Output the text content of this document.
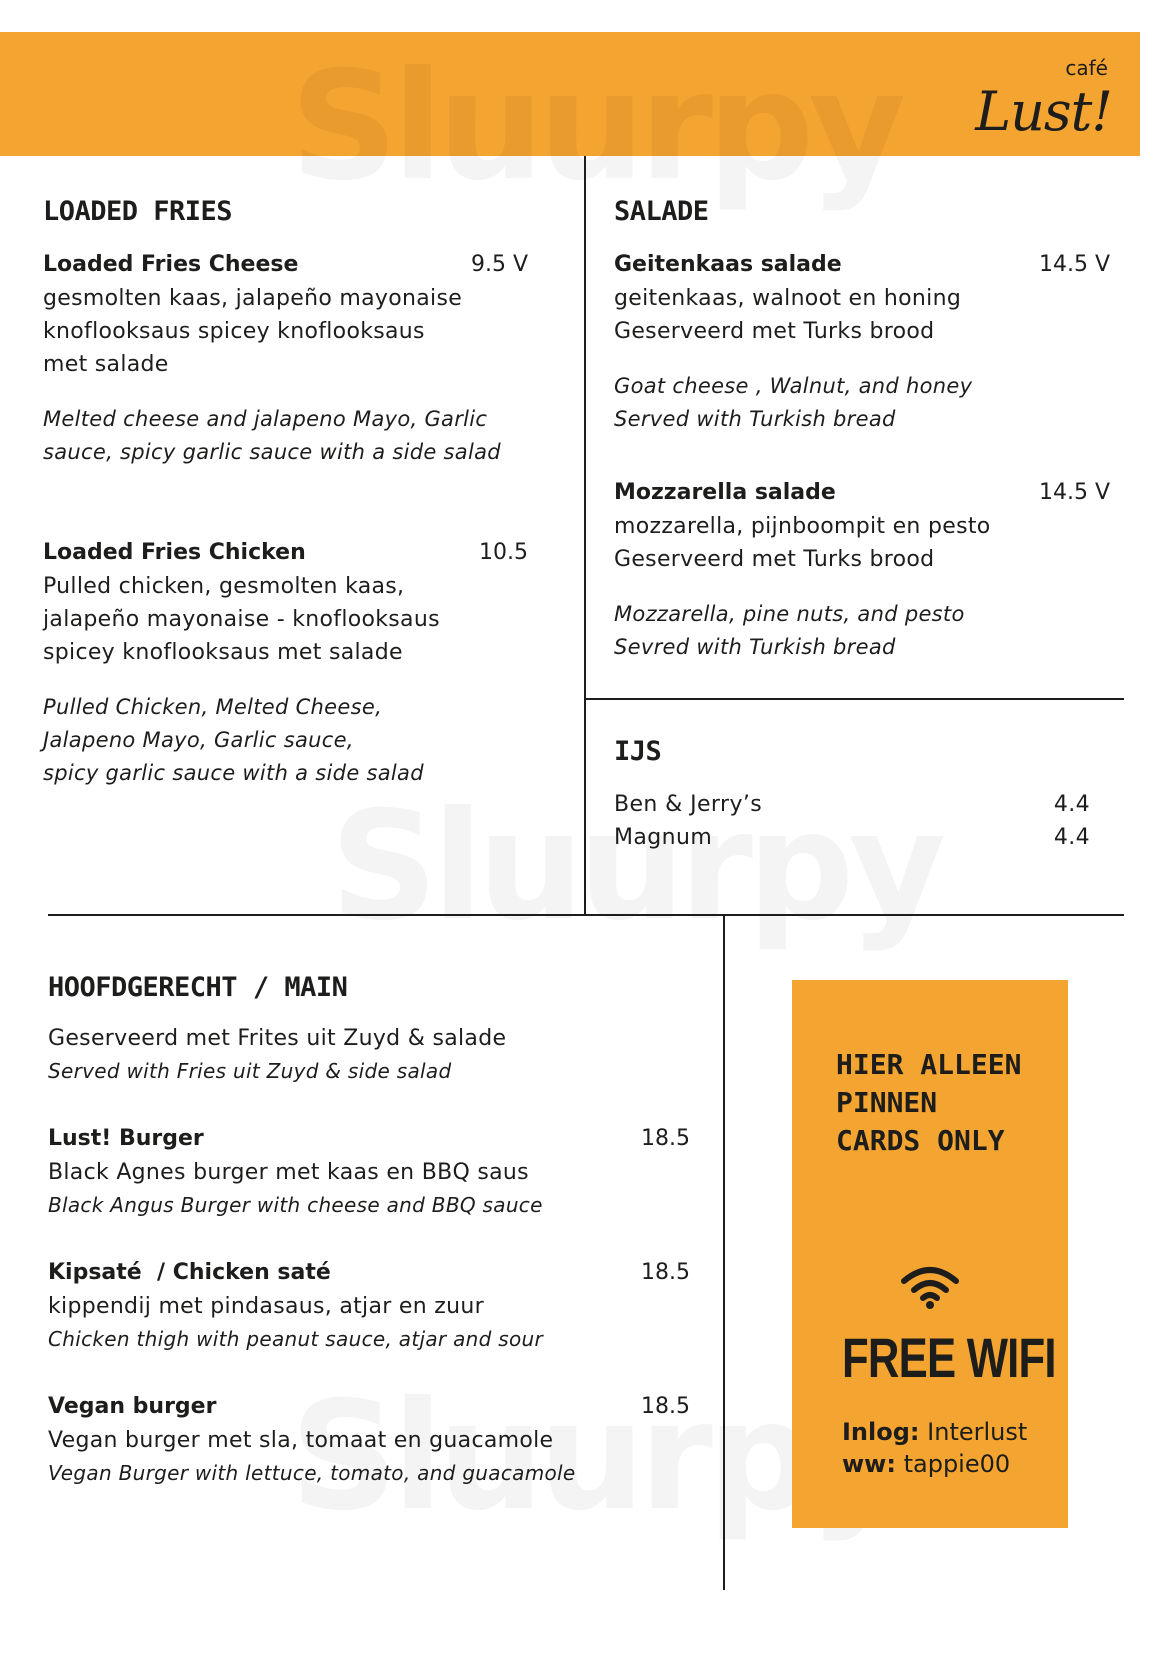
café
Lust!
LOADED FRIES
Loaded Fries Cheese	9.5 V
gesmolten kaas, jalapeño mayonaise
knoflooksaus spicey knoflooksaus
met salade
Melted cheese and jalapeno Mayo, Garlic
sauce, spicy garlic sauce with a side salad
Loaded Fries Chicken	10.5
Pulled chicken, gesmolten kaas,
jalapeño mayonaise - knoflooksaus
spicey knoflooksaus met salade
Pulled Chicken, Melted Cheese,
Jalapeno Mayo, Garlic sauce,
spicy garlic sauce with a side salad
SALADE
Geitenkaas salade	14.5 V
geitenkaas, walnoot en honing
Geserveerd met Turks brood
Goat cheese , Walnut, and honey
Served with Turkish bread
Mozzarella salade	14.5 V
mozzarella, pijnboompit en pesto
Geserveerd met Turks brood
Mozzarella, pine nuts, and pesto
Sevred with Turkish bread
IJS
Ben & Jerry’s	4.4
Magnum	4.4
HOOFDGERECHT / MAIN
Geserveerd met Frites uit Zuyd & salade
Served with Fries uit Zuyd & side salad
Lust! Burger	18.5
Black Agnes burger met kaas en BBQ saus
Black Angus Burger with cheese and BBQ sauce
Kipsaté  / Chicken saté	18.5
kippendij met pindasaus, atjar en zuur
Chicken thigh with peanut sauce, atjar and sour
Vegan burger	18.5
Vegan burger met sla, tomaat en guacamole
Vegan Burger with lettuce, tomato, and guacamole
HIER ALLEEN
PINNEN
CARDS ONLY
FREE WIFI
Inlog: Interlust
ww: tappie00
